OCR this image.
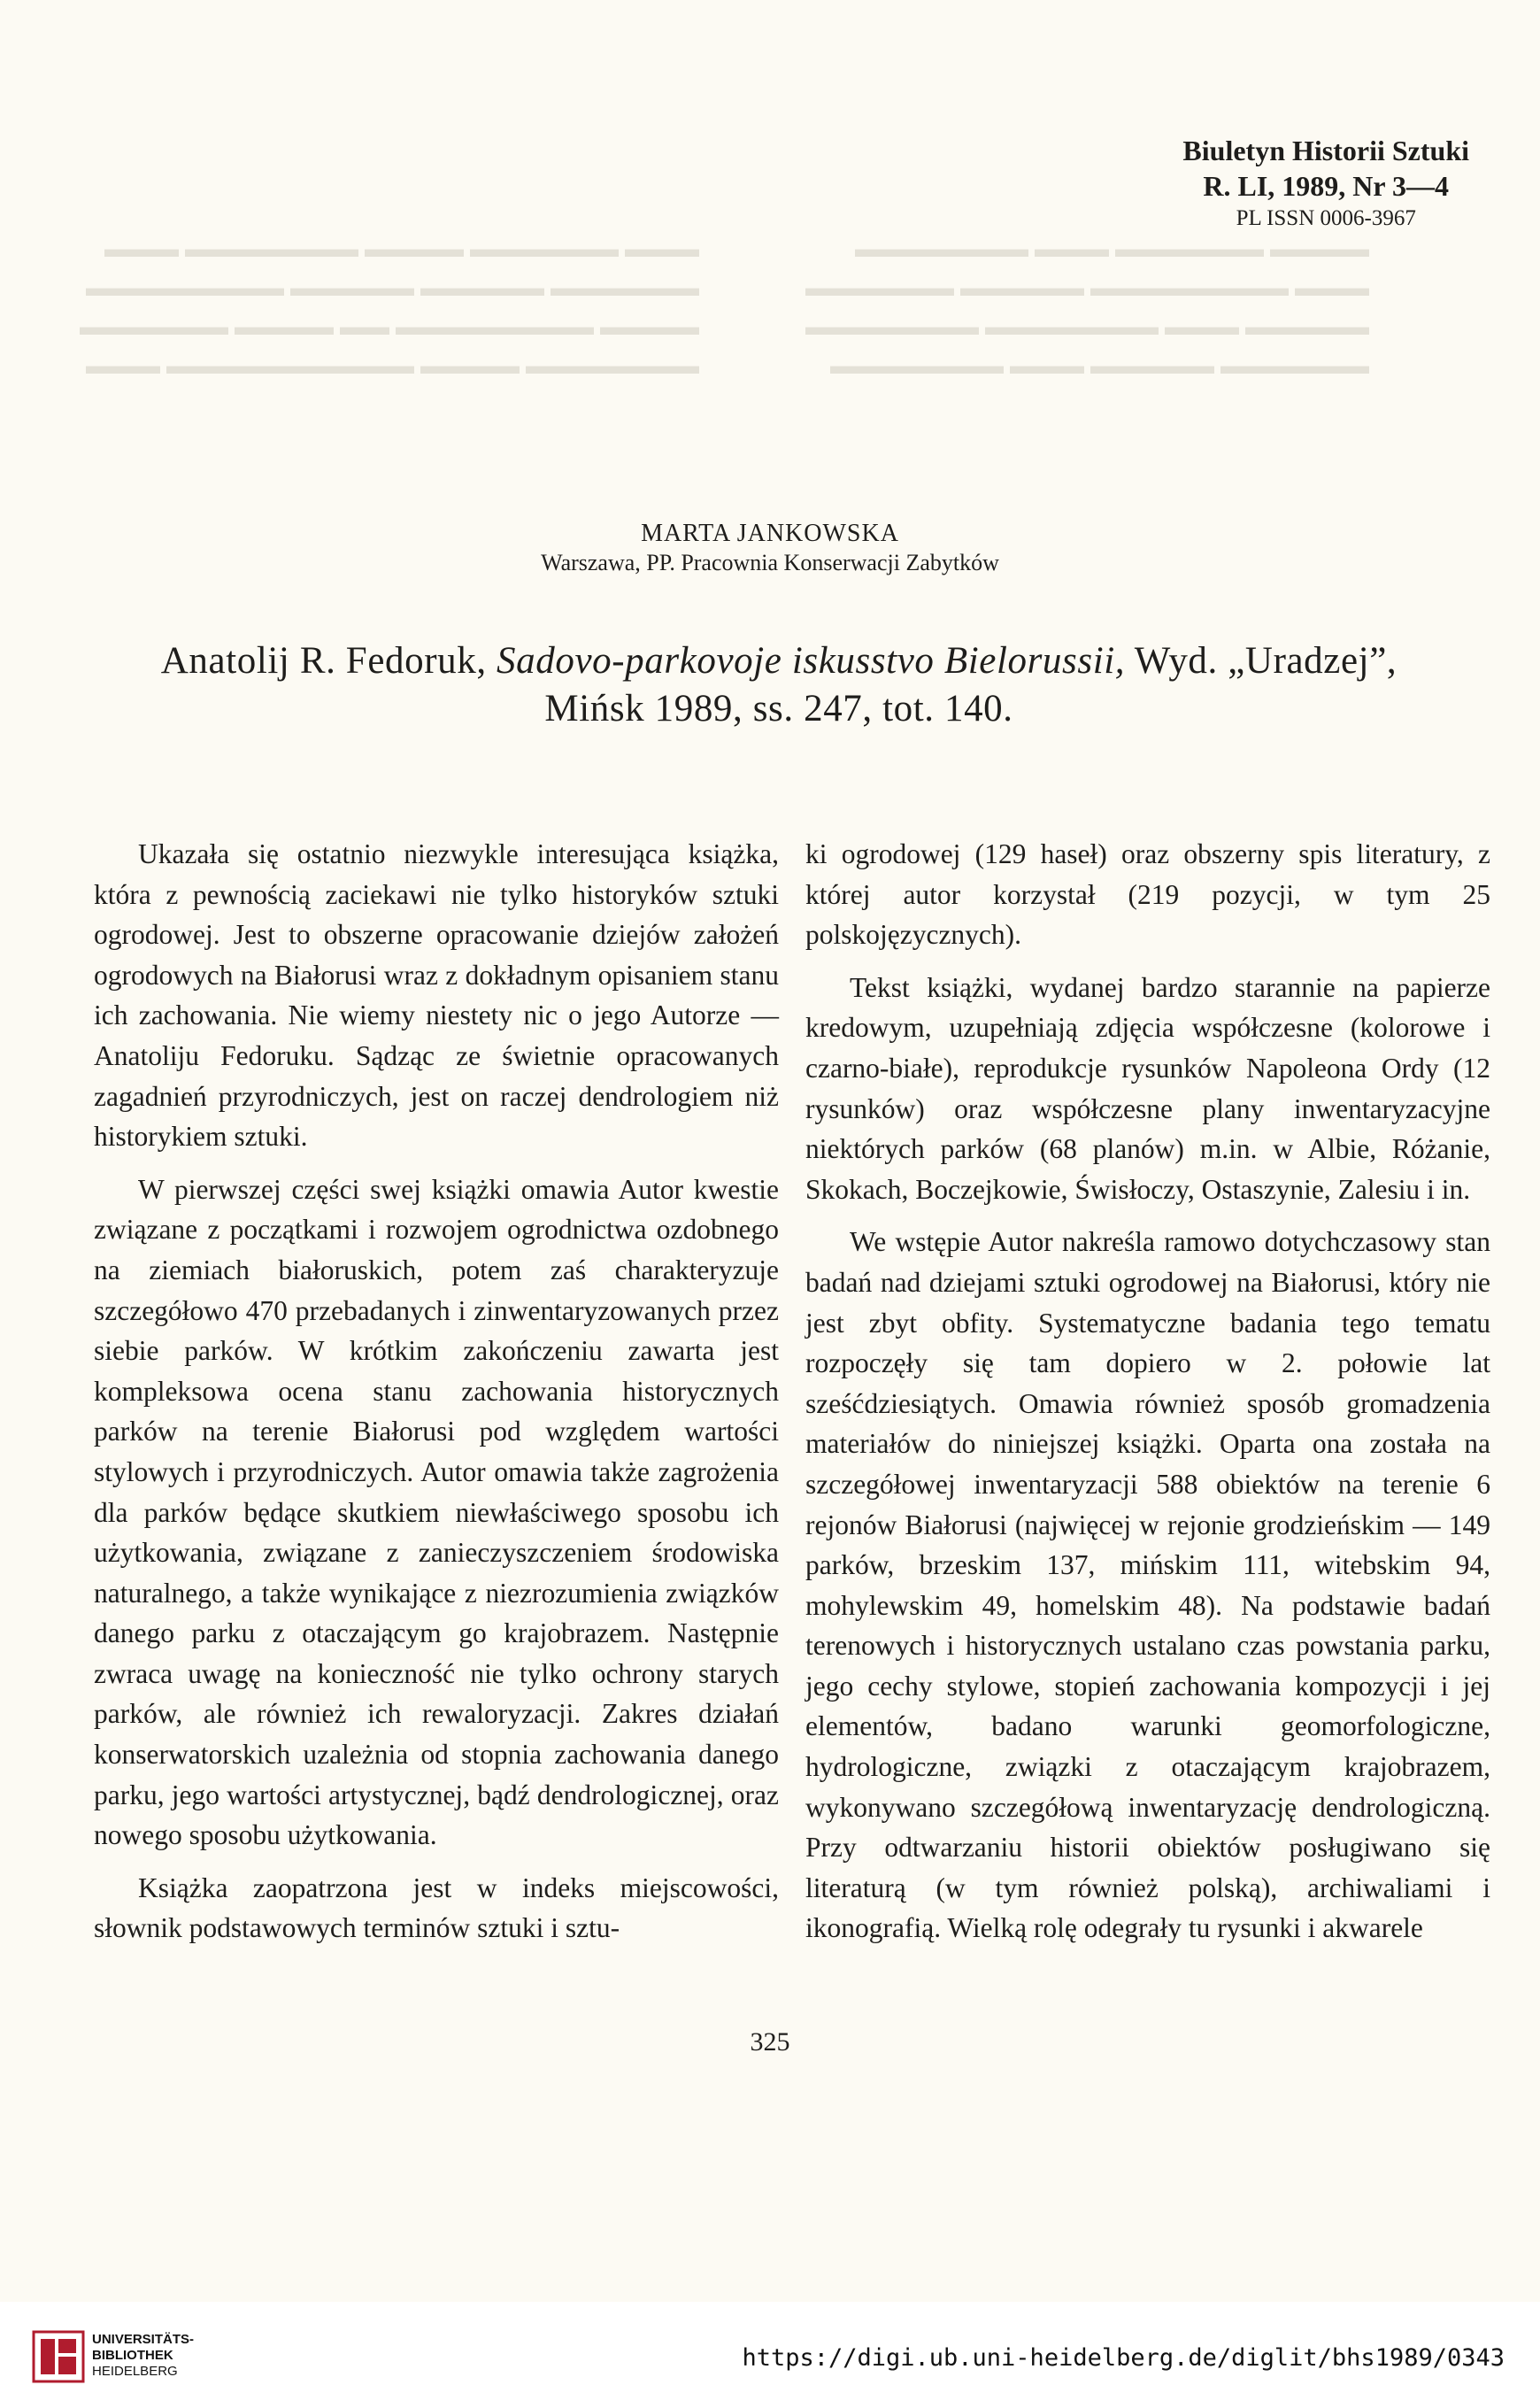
▬▬▬ ▬▬▬▬▬▬ ▬▬▬▬ ▬▬▬▬▬▬▬ ▬▬▬
▬▬▬▬▬▬ ▬▬▬▬▬ ▬▬▬▬▬ ▬▬▬▬▬▬▬▬
▬▬▬▬ ▬▬▬▬▬▬▬▬ ▬▬ ▬▬▬▬ ▬▬▬▬▬▬
▬▬▬▬▬▬▬ ▬▬▬▬ ▬▬▬▬▬▬▬▬▬▬ ▬▬▬
▬▬▬▬ ▬▬▬▬▬▬ ▬▬▬ ▬▬▬▬▬▬▬
▬▬▬ ▬▬▬▬▬▬▬▬ ▬▬▬▬▬ ▬▬▬▬▬▬
▬▬▬▬▬ ▬▬▬ ▬▬▬▬▬▬▬ ▬▬▬▬▬▬▬
▬▬▬▬▬▬ ▬▬▬▬▬ ▬▬▬ ▬▬▬▬▬▬▬
Biuletyn Historii Sztuki
R. LI, 1989, Nr 3—4
PL ISSN 0006-3967
MARTA JANKOWSKA
Warszawa, PP. Pracownia Konserwacji Zabytków
Anatolij R. Fedoruk, Sadovo-parkovoje iskusstvo Bielorussii, Wyd. „Uradzej”,
Mińsk 1989, ss. 247, tot. 140.

Ukazała się ostatnio niezwykle interesująca książka, która z pewnością zaciekawi nie tylko historyków sztuki ogrodowej. Jest to obszerne opracowanie dziejów założeń ogrodowych na Białorusi wraz z dokładnym opisaniem stanu ich zachowania. Nie wiemy niestety nic o jego Autorze — Anatoliju Fedoruku. Sądząc ze świetnie opracowanych zagadnień przyrodniczych, jest on raczej dendrologiem niż historykiem sztuki.

W pierwszej części swej książki omawia Autor kwestie związane z początkami i rozwojem ogrodnictwa ozdobnego na ziemiach białoruskich, potem zaś charakteryzuje szczegółowo 470 przebadanych i zinwentaryzowanych przez siebie parków. W krótkim zakończeniu zawarta jest kompleksowa ocena stanu zachowania historycznych parków na terenie Białorusi pod względem wartości stylowych i przyrodniczych. Autor omawia także zagrożenia dla parków będące skutkiem niewłaściwego sposobu ich użytkowania, związane z zanieczyszczeniem środowiska naturalnego, a także wynikające z niezrozumienia związków danego parku z otaczającym go krajobrazem. Następnie zwraca uwagę na konieczność nie tylko ochrony starych parków, ale również ich rewaloryzacji. Zakres działań konserwatorskich uzależnia od stopnia zachowania danego parku, jego wartości artystycznej, bądź dendrologicznej, oraz nowego sposobu użytkowania.

Książka zaopatrzona jest w indeks miejscowości, słownik podstawowych terminów sztuki i sztu-

ki ogrodowej (129 haseł) oraz obszerny spis literatury, z której autor korzystał (219 pozycji, w tym 25 polskojęzycznych).

Tekst książki, wydanej bardzo starannie na papierze kredowym, uzupełniają zdjęcia współczesne (kolorowe i czarno-białe), reprodukcje rysunków Napoleona Ordy (12 rysunków) oraz współczesne plany inwentaryzacyjne niektórych parków (68 planów) m.in. w Albie, Różanie, Skokach, Boczejkowie, Świsłoczy, Ostaszynie, Zalesiu i in.

We wstępie Autor nakreśla ramowo dotychczasowy stan badań nad dziejami sztuki ogrodowej na Białorusi, który nie jest zbyt obfity. Systematyczne badania tego tematu rozpoczęły się tam dopiero w 2. połowie lat sześćdziesiątych. Omawia również sposób gromadzenia materiałów do niniejszej książki. Oparta ona została na szczegółowej inwentaryzacji 588 obiektów na terenie 6 rejonów Białorusi (najwięcej w rejonie grodzieńskim — 149 parków, brzeskim 137, mińskim 111, witebskim 94, mohylewskim 49, homelskim 48). Na podstawie badań terenowych i historycznych ustalano czas powstania parku, jego cechy stylowe, stopień zachowania kompozycji i jej elementów, badano warunki geomorfologiczne, hydrologiczne, związki z otaczającym krajobrazem, wykonywano szczegółową inwentaryzację dendrologiczną. Przy odtwarzaniu historii obiektów posługiwano się literaturą (w tym również polską), archiwaliami i ikonografią. Wielką rolę odegrały tu rysunki i akwarele

325
UNIVERSITÄTS-
BIBLIOTHEK
HEIDELBERG	https://digi.ub.uni-heidelberg.de/diglit/bhs1989/0343
